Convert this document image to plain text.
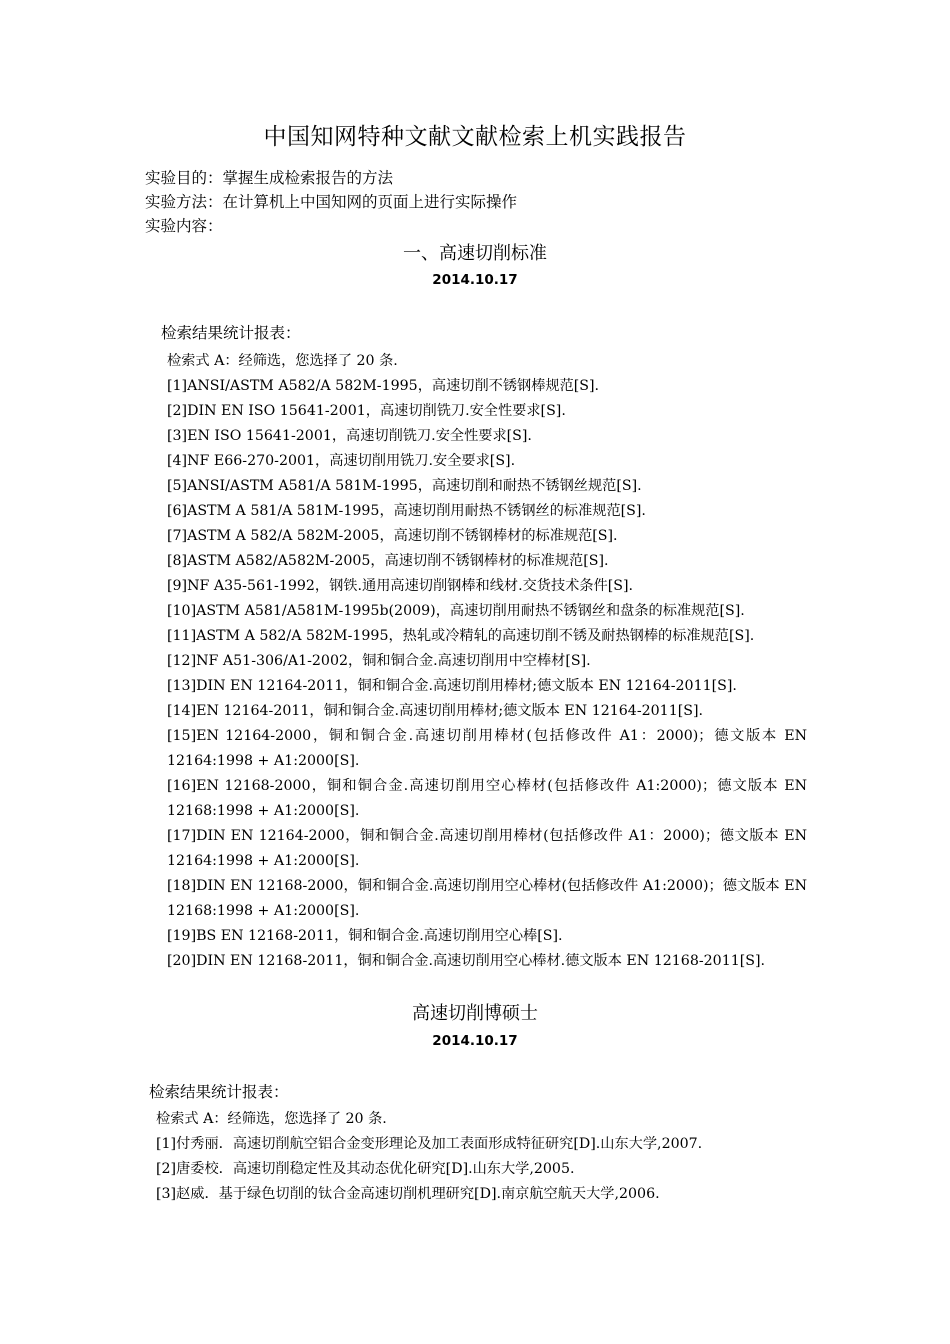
中国知网特种文献文献检索上机实践报告
实验目的：掌握生成检索报告的方法
实验方法：在计算机上中国知网的页面上进行实际操作
实验内容：
一、高速切削标准
2014.10.17
检索结果统计报表：
检索式 A：经筛选，您选择了 20 条.
[1]ANSI/ASTM A582/A 582M-1995，高速切削不锈钢棒规范[S].
[2]DIN EN ISO 15641-2001，高速切削铣刀.安全性要求[S].
[3]EN ISO 15641-2001，高速切削铣刀.安全性要求[S].
[4]NF E66-270-2001，高速切削用铣刀.安全要求[S].
[5]ANSI/ASTM A581/A 581M-1995，高速切削和耐热不锈钢丝规范[S].
[6]ASTM A 581/A 581M-1995，高速切削用耐热不锈钢丝的标准规范[S].
[7]ASTM A 582/A 582M-2005，高速切削不锈钢棒材的标准规范[S].
[8]ASTM A582/A582M-2005，高速切削不锈钢棒材的标准规范[S].
[9]NF A35-561-1992，钢铁.通用高速切削钢棒和线材.交货技术条件[S].
[10]ASTM A581/A581M-1995b(2009)，高速切削用耐热不锈钢丝和盘条的标准规范[S].
[11]ASTM A 582/A 582M-1995，热轧或冷精轧的高速切削不锈及耐热钢棒的标准规范[S].
[12]NF A51-306/A1-2002，铜和铜合金.高速切削用中空棒材[S].
[13]DIN EN 12164-2011，铜和铜合金.高速切削用棒材;德文版本 EN 12164-2011[S].
[14]EN 12164-2011，铜和铜合金.高速切削用棒材;德文版本 EN 12164-2011[S].
[15]EN 12164-2000，铜和铜合金.高速切削用棒材(包括修改件 A1：2000)；德文版本 EN 12164:1998 + A1:2000[S].
[16]EN 12168-2000，铜和铜合金.高速切削用空心棒材(包括修改件 A1:2000)；德文版本 EN 12168:1998 + A1:2000[S].
[17]DIN EN 12164-2000，铜和铜合金.高速切削用棒材(包括修改件 A1：2000)；德文版本 EN 12164:1998 + A1:2000[S].
[18]DIN EN 12168-2000，铜和铜合金.高速切削用空心棒材(包括修改件 A1:2000)；德文版本 EN 12168:1998 + A1:2000[S].
[19]BS EN 12168-2011，铜和铜合金.高速切削用空心棒[S].
[20]DIN EN 12168-2011，铜和铜合金.高速切削用空心棒材.德文版本 EN 12168-2011[S].
高速切削博硕士
2014.10.17
检索结果统计报表：
检索式 A：经筛选，您选择了 20 条.
[1]付秀丽．高速切削航空铝合金变形理论及加工表面形成特征研究[D].山东大学,2007.
[2]唐委校．高速切削稳定性及其动态优化研究[D].山东大学,2005.
[3]赵威．基于绿色切削的钛合金高速切削机理研究[D].南京航空航天大学,2006.
